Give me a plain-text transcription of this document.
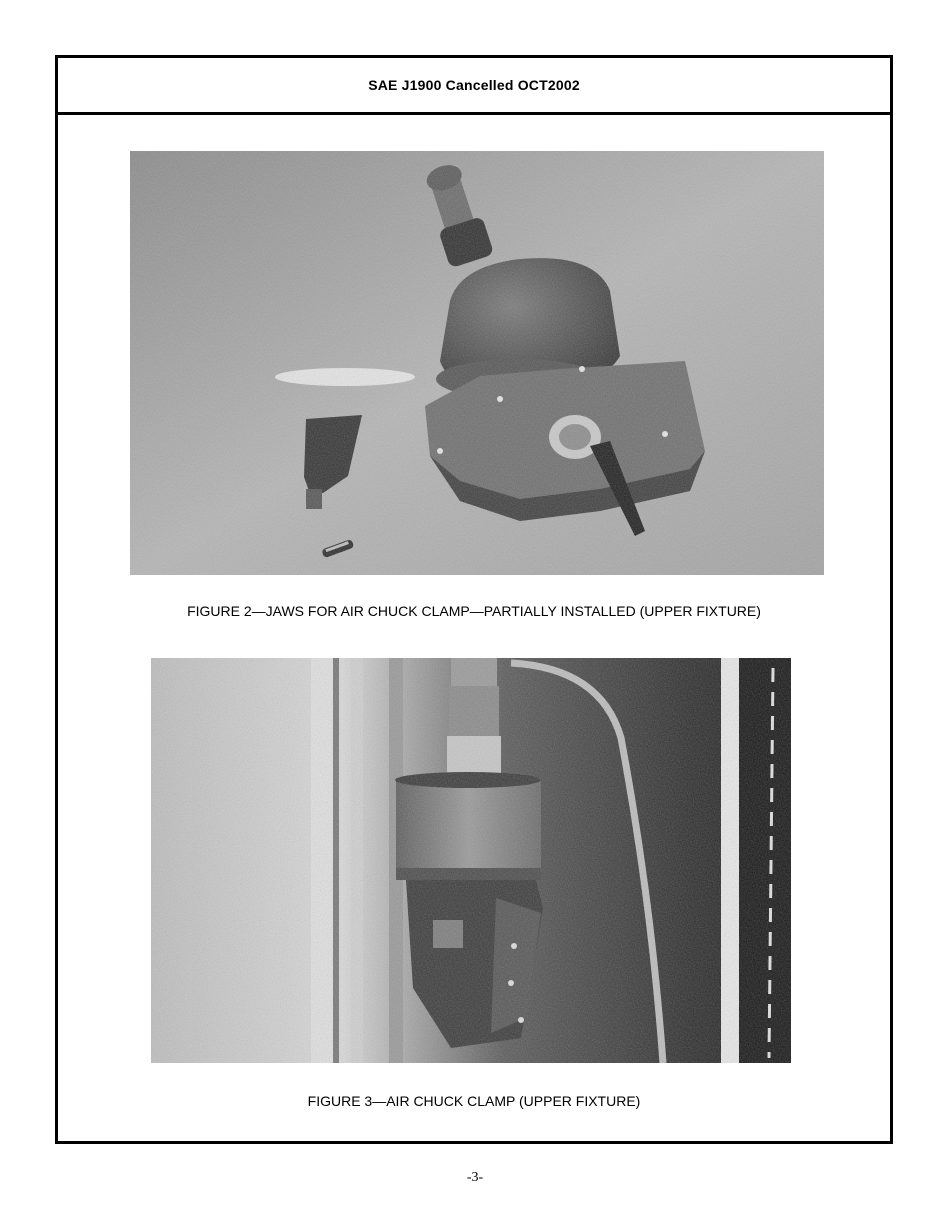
SAE J1900 Cancelled OCT2002
FIGURE 2—JAWS FOR AIR CHUCK CLAMP—PARTIALLY INSTALLED (UPPER FIXTURE)
FIGURE 3—AIR CHUCK CLAMP (UPPER FIXTURE)
-3-
